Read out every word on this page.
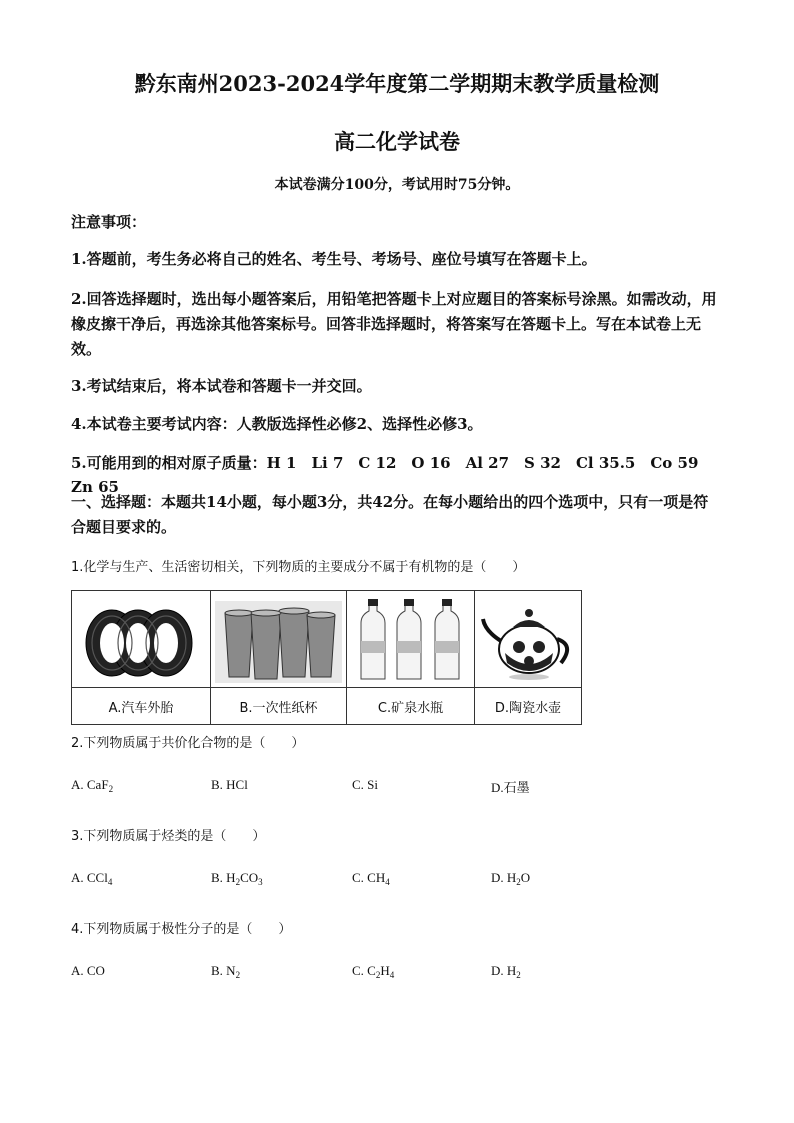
黔东南州2023-2024学年度第二学期期末教学质量检测
高二化学试卷
本试卷满分100分，考试用时75分钟。
注意事项：
1.答题前，考生务必将自己的姓名、考生号、考场号、座位号填写在答题卡上。
2.回答选择题时，选出每小题答案后，用铅笔把答题卡上对应题目的答案标号涂黑。如需改动，用橡皮擦干净后，再选涂其他答案标号。回答非选择题时，将答案写在答题卡上。写在本试卷上无效。
3.考试结束后，将本试卷和答题卡一并交回。
4.本试卷主要考试内容：人教版选择性必修2、选择性必修3。
5.可能用到的相对原子质量：H 1　Li 7　C 12　O 16　Al 27　S 32　Cl 35.5　Co 59　Zn 65
一、选择题：本题共14小题，每小题3分，共42分。在每小题给出的四个选项中，只有一项是符合题目要求的。
1.化学与生产、生活密切相关，下列物质的主要成分不属于有机物的是（　　）

A.汽车外胎	B.一次性纸杯	C.矿泉水瓶	D.陶瓷水壶
2.下列物质属于共价化合物的是（　　）
A. CaF$_2$	B. HCl	C. Si	D.石墨
3.下列物质属于烃类的是（　　）
A. CCl$_4$	B. $H_2CO_3$	C. $CH_4$	D. $H_2O$
4.下列物质属于极性分子的是（　　）
A. CO	B. $N_2$	C. $C_2H_4$	D. $H_2$
